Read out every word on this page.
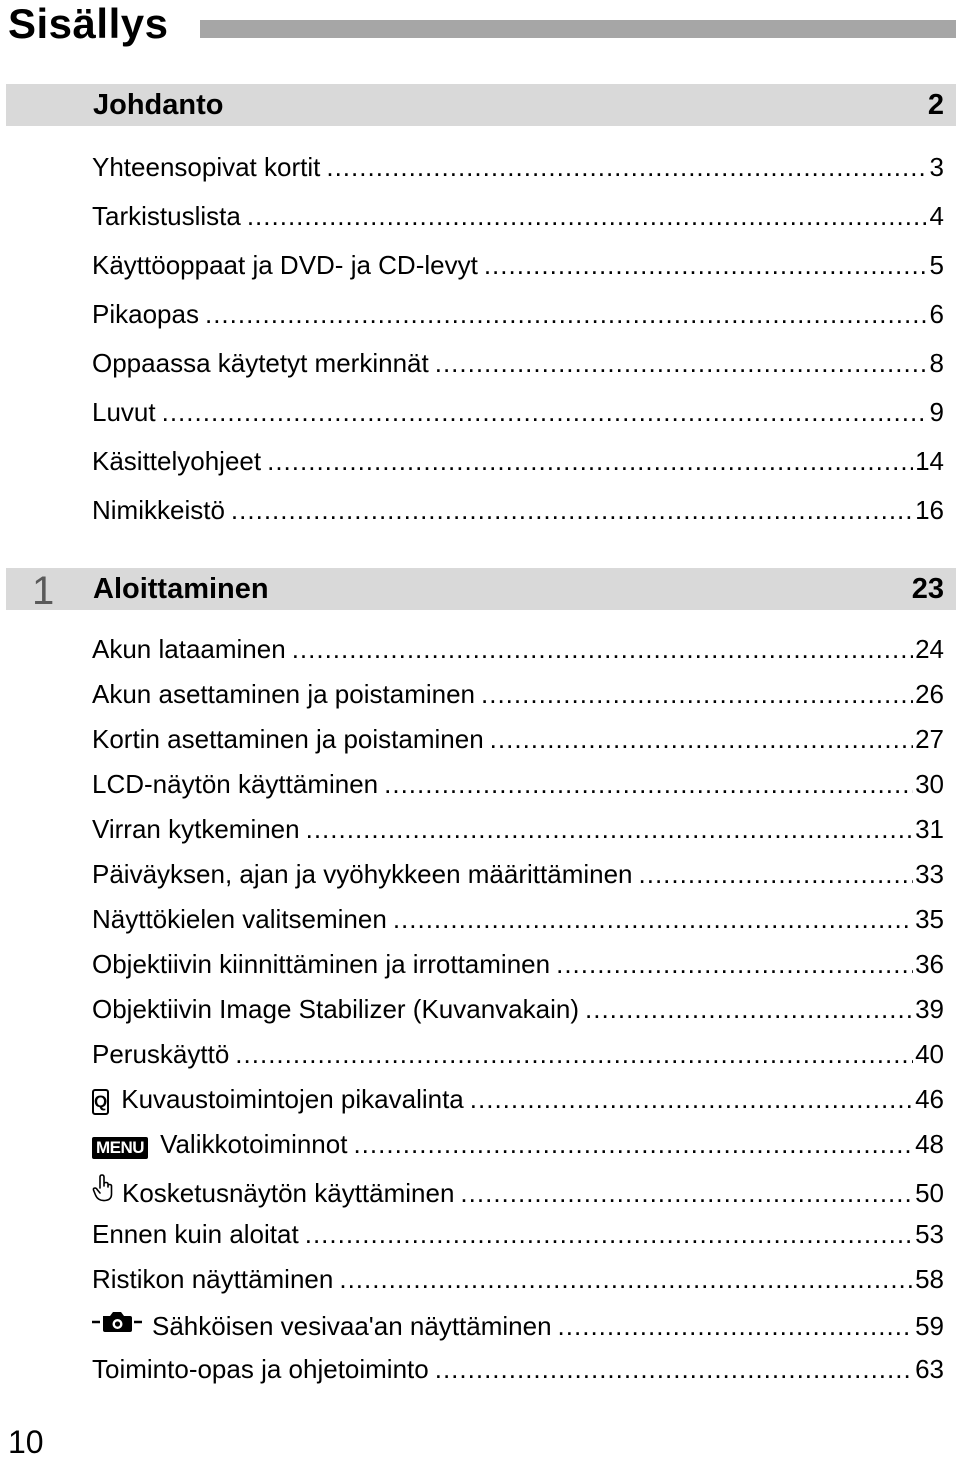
Sisällys
Johdanto	2
Yhteensopivat kortit .....	3
Tarkistuslista .....	4
Käyttöoppaat ja DVD- ja CD-levyt .....	5
Pikaopas .....	6
Oppaassa käytetyt merkinnät .....	8
Luvut .....	9
Käsittelyohjeet .....	14
Nimikkeistö .....	16
1 Aloittaminen	23
Akun lataaminen .....	24
Akun asettaminen ja poistaminen .....	26
Kortin asettaminen ja poistaminen .....	27
LCD-näytön käyttäminen .....	30
Virran kytkeminen .....	31
Päiväyksen, ajan ja vyöhykkeen määrittäminen .....	33
Näyttökielen valitseminen .....	35
Objektiivin kiinnittäminen ja irrottaminen .....	36
Objektiivin Image Stabilizer (Kuvanvakain) .....	39
Peruskäyttö .....	40
Q Kuvaustoimintojen pikavalinta .....	46
MENU Valikkotoiminnot .....	48
Kosketusnäytön käyttäminen .....	50
Ennen kuin aloitat .....	53
Ristikon näyttäminen .....	58
Sähköisen vesivaa'an näyttäminen .....	59
Toiminto-opas ja ohjetoiminto .....	63
10
